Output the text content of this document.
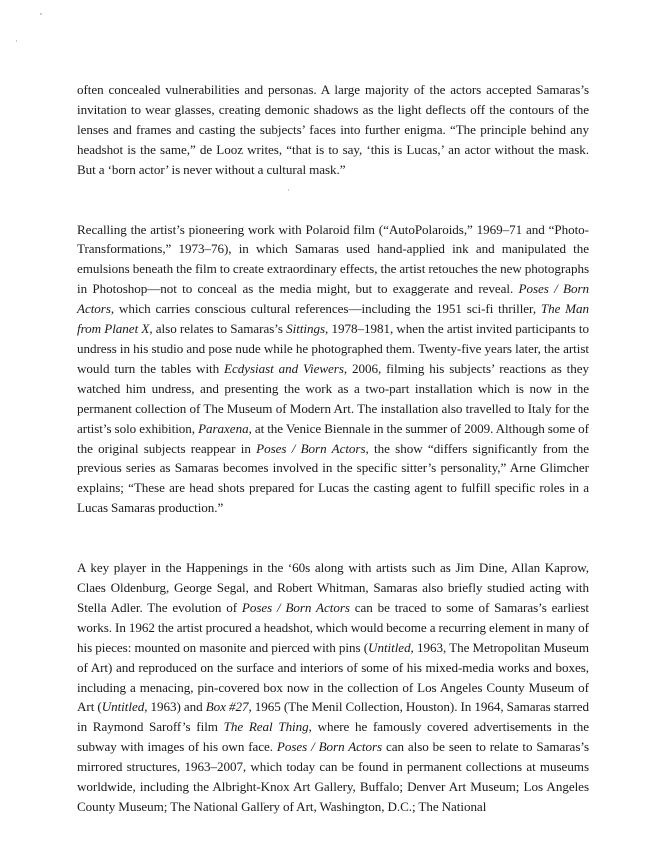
often concealed vulnerabilities and personas. A large majority of the actors accepted Samaras’s invitation to wear glasses, creating demonic shadows as the light deflects off the contours of the lenses and frames and casting the subjects’ faces into further enigma. “The principle behind any headshot is the same,” de Looz writes, “that is to say, ‘this is Lucas,’ an actor without the mask. But a ‘born actor’ is never without a cultural mask.”

Recalling the artist’s pioneering work with Polaroid film (“AutoPolaroids,” 1969–71 and “Photo-Transformations,” 1973–76), in which Samaras used hand-applied ink and manipulated the emulsions beneath the film to create extraordinary effects, the artist retouches the new photographs in Photoshop—not to conceal as the media might, but to exaggerate and reveal. Poses / Born Actors, which carries conscious cultural references—including the 1951 sci-fi thriller, The Man from Planet X, also relates to Samaras’s Sittings, 1978–1981, when the artist invited participants to undress in his studio and pose nude while he photographed them. Twenty-five years later, the artist would turn the tables with Ecdysiast and Viewers, 2006, filming his subjects’ reactions as they watched him undress, and presenting the work as a two-part installation which is now in the permanent collection of The Museum of Modern Art. The installation also travelled to Italy for the artist’s solo exhibition, Paraxena, at the Venice Biennale in the summer of 2009. Although some of the original subjects reappear in Poses / Born Actors, the show “differs significantly from the previous series as Samaras becomes involved in the specific sitter’s personality,” Arne Glimcher explains; “These are head shots prepared for Lucas the casting agent to fulfill specific roles in a Lucas Samaras production.”

A key player in the Happenings in the ‘60s along with artists such as Jim Dine, Allan Kaprow, Claes Oldenburg, George Segal, and Robert Whitman, Samaras also briefly studied acting with Stella Adler. The evolution of Poses / Born Actors can be traced to some of Samaras’s earliest works. In 1962 the artist procured a headshot, which would become a recurring element in many of his pieces: mounted on masonite and pierced with pins (Untitled, 1963, The Metropolitan Museum of Art) and reproduced on the surface and interiors of some of his mixed-media works and boxes, including a menacing, pin-covered box now in the collection of Los Angeles County Museum of Art (Untitled, 1963) and Box #27, 1965 (The Menil Collection, Houston). In 1964, Samaras starred in Raymond Saroff’s film The Real Thing, where he famously covered advertisements in the subway with images of his own face. Poses / Born Actors can also be seen to relate to Samaras’s mirrored structures, 1963–2007, which today can be found in permanent collections at museums worldwide, including the Albright-Knox Art Gallery, Buffalo; Denver Art Museum; Los Angeles County Museum; The National Gallery of Art, Washington, D.C.; The National
